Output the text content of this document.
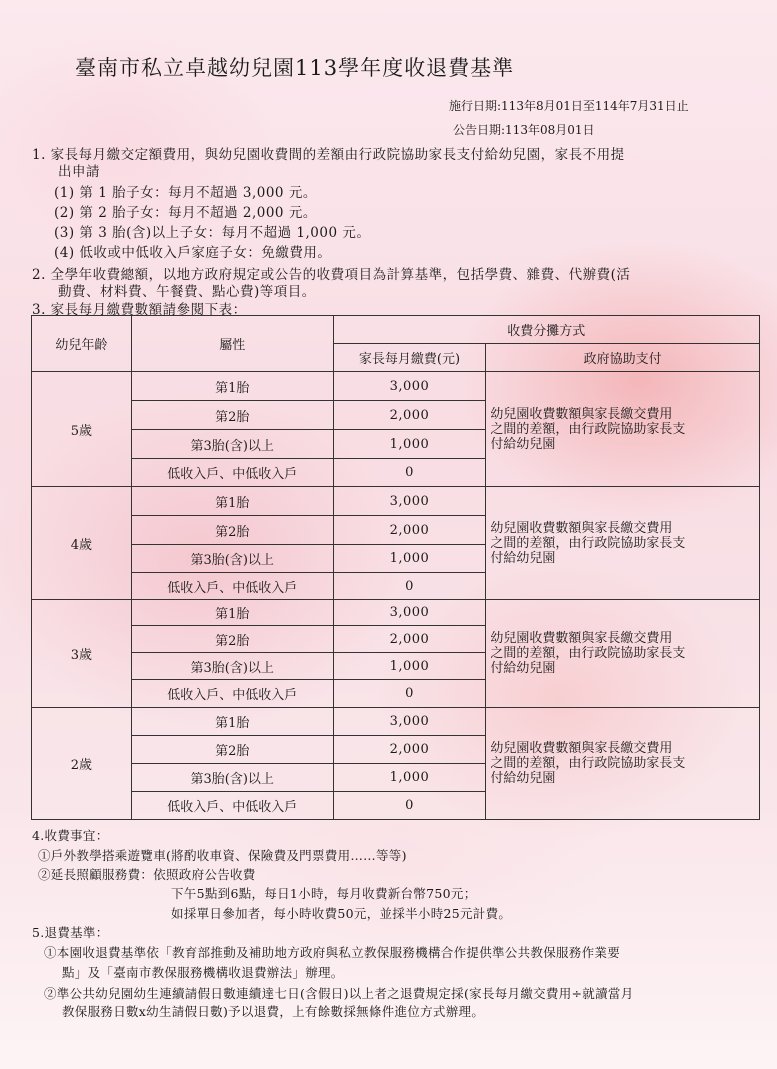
臺南市私立卓越幼兒園113學年度收退費基準
施行日期:113年8月01日至114年7月31日止
公告日期:113年08月01日
1. 家長每月繳交定額費用，與幼兒園收費間的差額由行政院協助家長支付給幼兒園，家長不用提
出申請
(1) 第 1 胎子女：每月不超過 3,000 元。
(2) 第 2 胎子女：每月不超過 2,000 元。
(3) 第 3 胎(含)以上子女：每月不超過 1,000 元。
(4) 低收或中低收入戶家庭子女：免繳費用。
2. 全學年收費總額，以地方政府規定或公告的收費項目為計算基準，包括學費、雜費、代辦費(活
動費、材料費、午餐費、點心費)等項目。
3. 家長每月繳費數額請參閱下表：
幼兒年齡	屬性	收費分攤方式	
		家長每月繳費(元)	政府協助支付
5歲	第1胎	3,000	幼兒園收費數額與家長繳交費用
之間的差額，由行政院協助家長支
付給幼兒園

	第2胎	2,000	
	第3胎(含)以上	1,000	
	低收入戶、中低收入戶	0	
4歲	第1胎	3,000	幼兒園收費數額與家長繳交費用
之間的差額，由行政院協助家長支
付給幼兒園

	第2胎	2,000	
	第3胎(含)以上	1,000	
	低收入戶、中低收入戶	0	
3歲	第1胎	3,000	幼兒園收費數額與家長繳交費用
之間的差額，由行政院協助家長支
付給幼兒園

	第2胎	2,000	
	第3胎(含)以上	1,000	
	低收入戶、中低收入戶	0	
2歲	第1胎	3,000	幼兒園收費數額與家長繳交費用
之間的差額，由行政院協助家長支
付給幼兒園

	第2胎	2,000	
	第3胎(含)以上	1,000	
	低收入戶、中低收入戶	0	
4.收費事宜：
①戶外教學搭乘遊覽車(將酌收車資、保險費及門票費用……等等)
②延長照顧服務費：依照政府公告收費
下午5點到6點，每日1小時，每月收費新台幣750元；
如採單日參加者，每小時收費50元，並採半小時25元計費。
5.退費基準：
①本園收退費基準依「教育部推動及補助地方政府與私立教保服務機構合作提供準公共教保服務作業要
點」及「臺南市教保服務機構收退費辦法」辦理。
②準公共幼兒園幼生連續請假日數連續達七日(含假日)以上者之退費規定採(家長每月繳交費用÷就讀當月
教保服務日數x幼生請假日數)予以退費，上有餘數採無條件進位方式辦理。
